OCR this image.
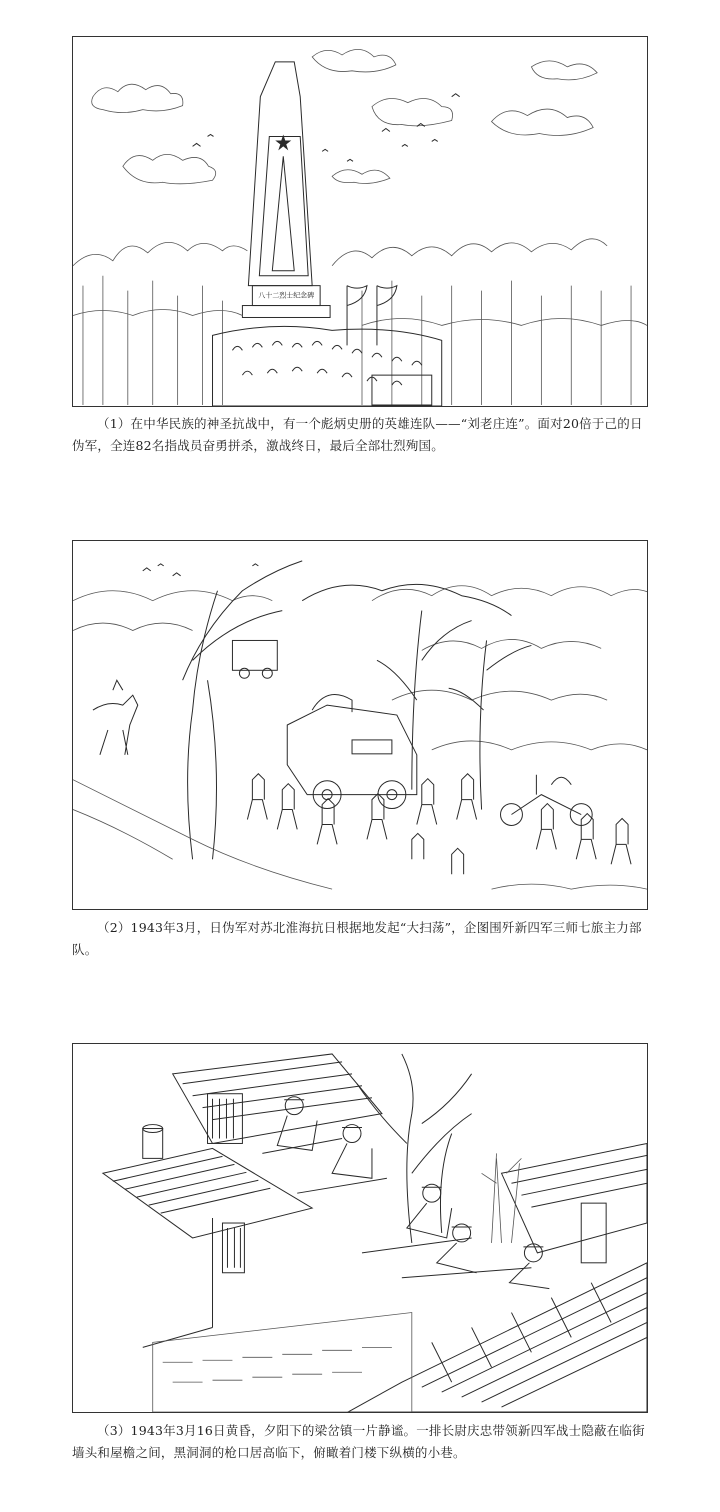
八十二烈士纪念碑
（1）在中华民族的神圣抗战中，有一个彪炳史册的英雄连队——“刘老庄连”。面对20倍于己的日伪军，全连82名指战员奋勇拼杀，激战终日，最后全部壮烈殉国。
（2）1943年3月，日伪军对苏北淮海抗日根据地发起“大扫荡”，企图围歼新四军三师七旅主力部队。
（3）1943年3月16日黄昏，夕阳下的梁岔镇一片静谧。一排长尉庆忠带领新四军战士隐蔽在临街墙头和屋檐之间，黑洞洞的枪口居高临下，俯瞰着门楼下纵横的小巷。
